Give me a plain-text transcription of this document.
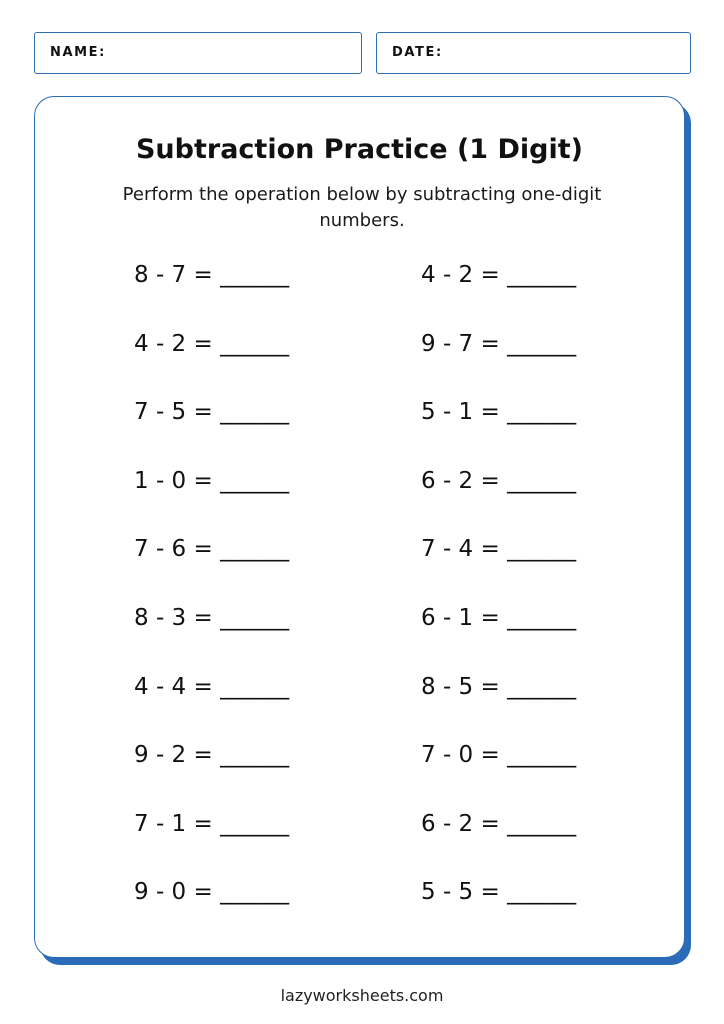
NAME:	DATE:
Subtraction Practice (1 Digit)
Perform the operation below by subtracting one-digit numbers.
8 - 7 = ______
4 - 2 = ______
7 - 5 = ______
1 - 0 = ______
7 - 6 = ______
8 - 3 = ______
4 - 4 = ______
9 - 2 = ______
7 - 1 = ______
9 - 0 = ______
4 - 2 = ______
9 - 7 = ______
5 - 1 = ______
6 - 2 = ______
7 - 4 = ______
6 - 1 = ______
8 - 5 = ______
7 - 0 = ______
6 - 2 = ______
5 - 5 = ______
lazyworksheets.com
